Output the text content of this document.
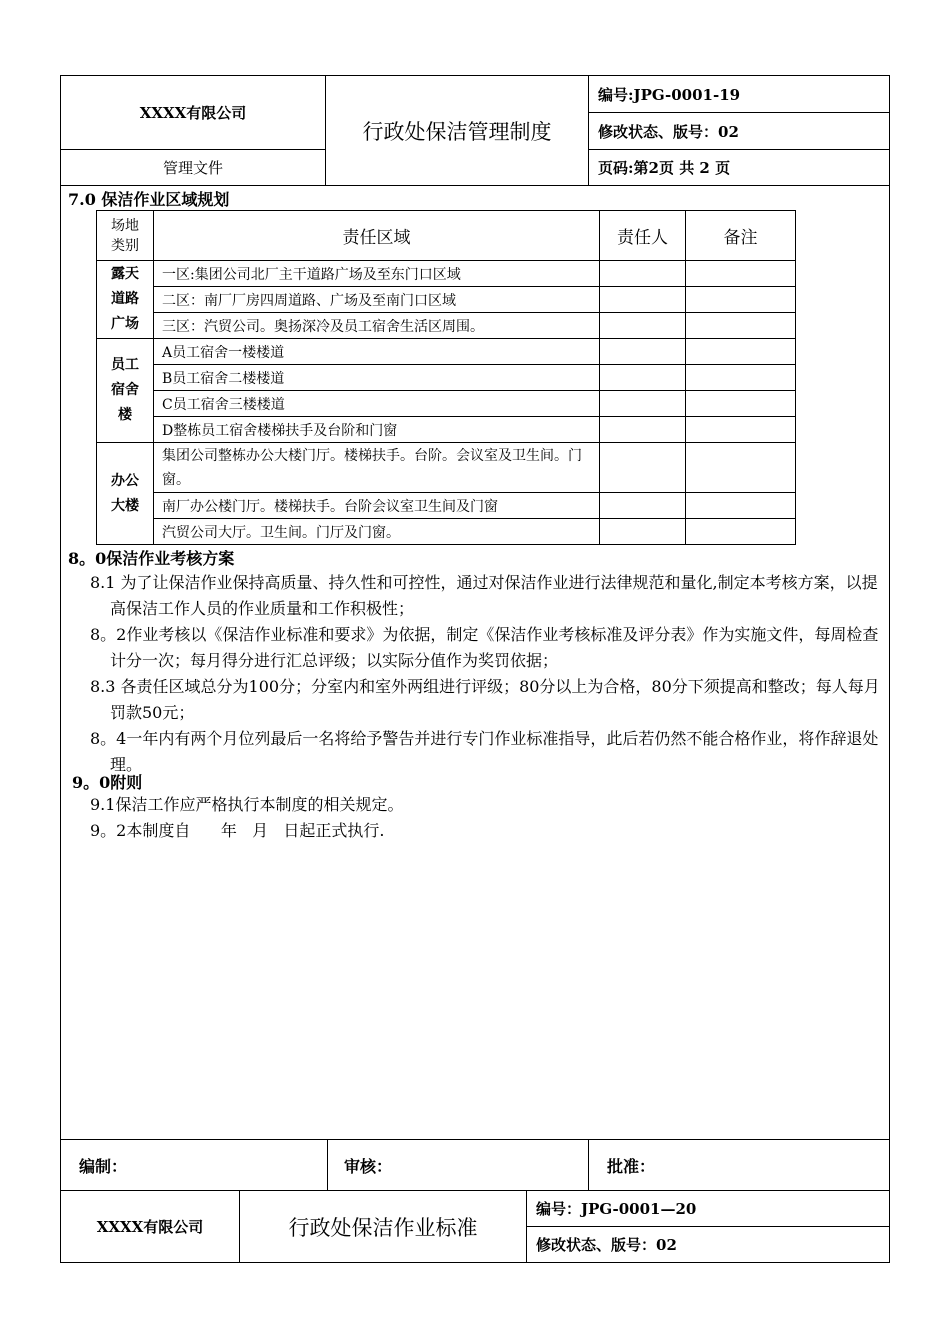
XXXX有限公司	行政处保洁管理制度	编号:JPG-0001-19
		修改状态、版号：02
管理文件		页码:第2页 共 2 页
7.0 保洁作业区域规划
场地类别	责任区域	责任人	备注

露天道路广场	一区:集团公司北厂主干道路广场及至东门口区域		
	二区：南厂厂房四周道路、广场及至南门口区域		
	三区：汽贸公司。奥扬深冷及员工宿舍生活区周围。		

员工宿舍楼	A员工宿舍一楼楼道		
	B员工宿舍二楼楼道		
	C员工宿舍三楼楼道		
	D整栋员工宿舍楼梯扶手及台阶和门窗		

办公大楼	集团公司整栋办公大楼门厅。楼梯扶手。台阶。会议室及卫生间。门窗。		
	南厂办公楼门厅。楼梯扶手。台阶会议室卫生间及门窗		
	汽贸公司大厅。卫生间。门厅及门窗。		
8。0保洁作业考核方案
8.1 为了让保洁作业保持高质量、持久性和可控性，通过对保洁作业进行法律规范和量化,制定本考核方案，以提高保洁工作人员的作业质量和工作积极性；
8。2作业考核以《保洁作业标准和要求》为依据，制定《保洁作业考核标准及评分表》作为实施文件，每周检查计分一次；每月得分进行汇总评级；以实际分值作为奖罚依据；
8.3 各责任区域总分为100分；分室内和室外两组进行评级；80分以上为合格，80分下须提高和整改；每人每月罚款50元；
8。4一年内有两个月位列最后一名将给予警告并进行专门作业标准指导，此后若仍然不能合格作业，将作辞退处理。
9。0附则
9.1保洁工作应严格执行本制度的相关规定。
9。2本制度自      年   月   日起正式执行.
编制：	审核：	批准：
XXXX有限公司	行政处保洁作业标准	编号：JPG-0001—20
修改状态、版号：02
